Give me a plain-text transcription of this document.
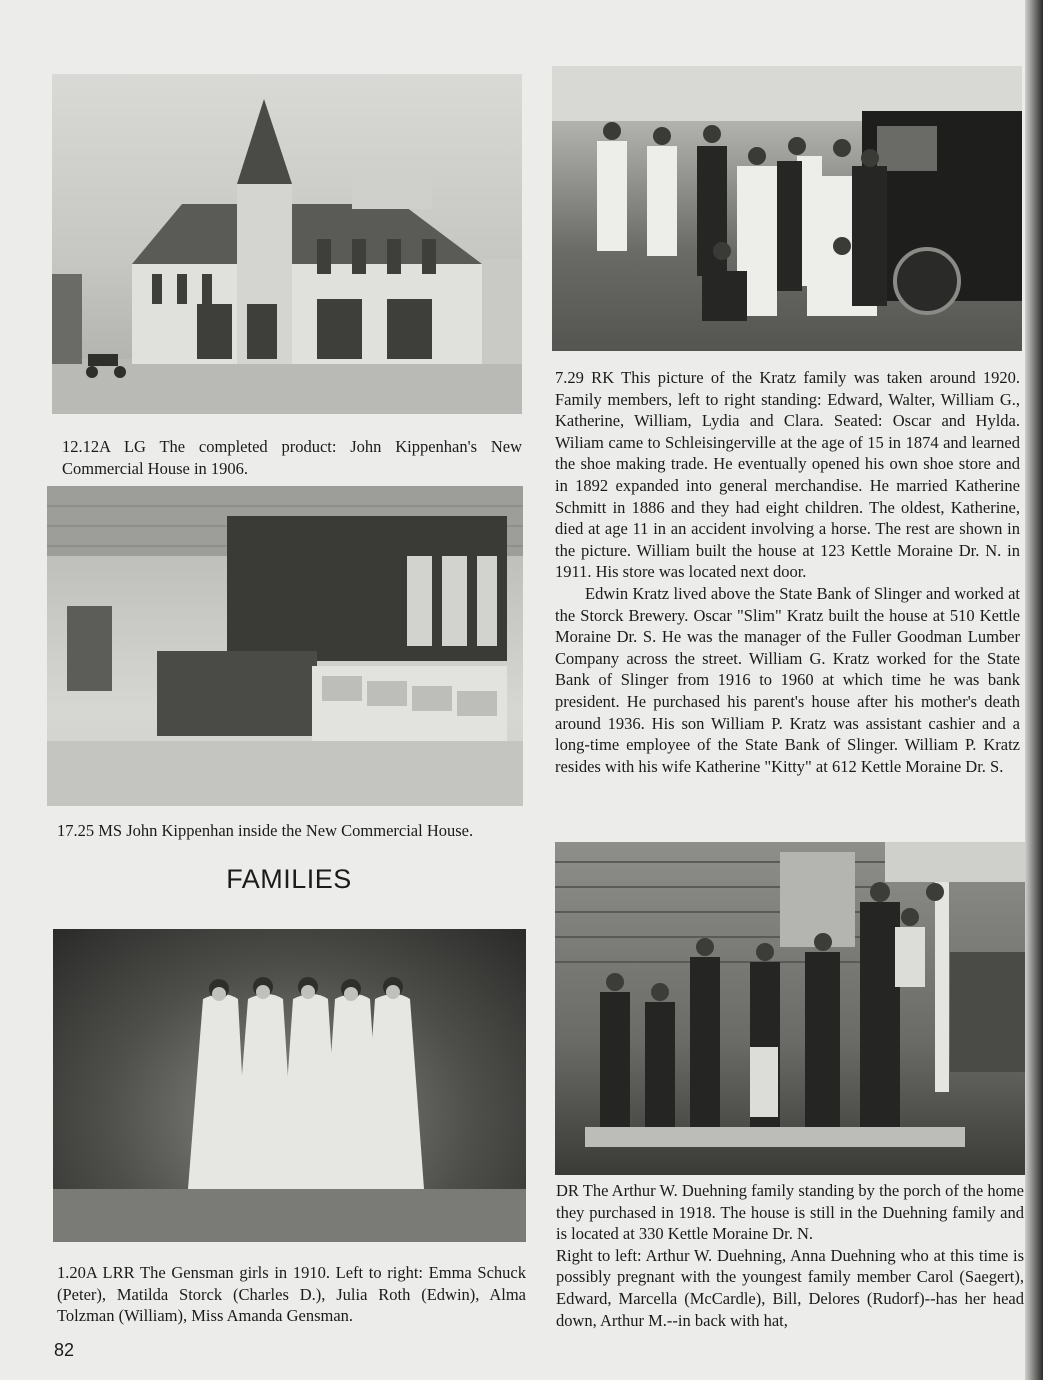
12.12A LG The completed product: John Kippenhan's New Commercial House in 1906.

17.25 MS John Kippenhan inside the New Commercial House.

FAMILIES

1.20A LRR The Gensman girls in 1910. Left to right: Emma Schuck (Peter), Matilda Storck (Charles D.), Julia Roth (Edwin), Alma Tolzman (William), Miss Amanda Gensman.

82

7.29 RK This picture of the Kratz family was taken around 1920. Family members, left to right standing: Edward, Walter, William G., Katherine, William, Lydia and Clara. Seated: Oscar and Hylda. Wiliam came to Schleisingerville at the age of 15 in 1874 and learned the shoe making trade. He eventually opened his own shoe store and in 1892 expanded into general merchandise. He married Katherine Schmitt in 1886 and they had eight children. The oldest, Katherine, died at age 11 in an accident involving a horse. The rest are shown in the picture. William built the house at 123 Kettle Moraine Dr. N. in 1911. His store was located next door.

Edwin Kratz lived above the State Bank of Slinger and worked at the Storck Brewery. Oscar "Slim" Kratz built the house at 510 Kettle Moraine Dr. S. He was the manager of the Fuller Goodman Lumber Company across the street. William G. Kratz worked for the State Bank of Slinger from 1916 to 1960 at which time he was bank president. He purchased his parent's house after his mother's death around 1936. His son William P. Kratz was assistant cashier and a long-time employee of the State Bank of Slinger. William P. Kratz resides with his wife Katherine "Kitty" at 612 Kettle Moraine Dr. S.

DR The Arthur W. Duehning family standing by the porch of the home they purchased in 1918. The house is still in the Duehning family and is located at 330 Kettle Moraine Dr. N.

Right to left: Arthur W. Duehning, Anna Duehning who at this time is possibly pregnant with the youngest family member Carol (Saegert), Edward, Marcella (McCardle), Bill, Delores (Rudorf)--has her head down, Arthur M.--in back with hat,
